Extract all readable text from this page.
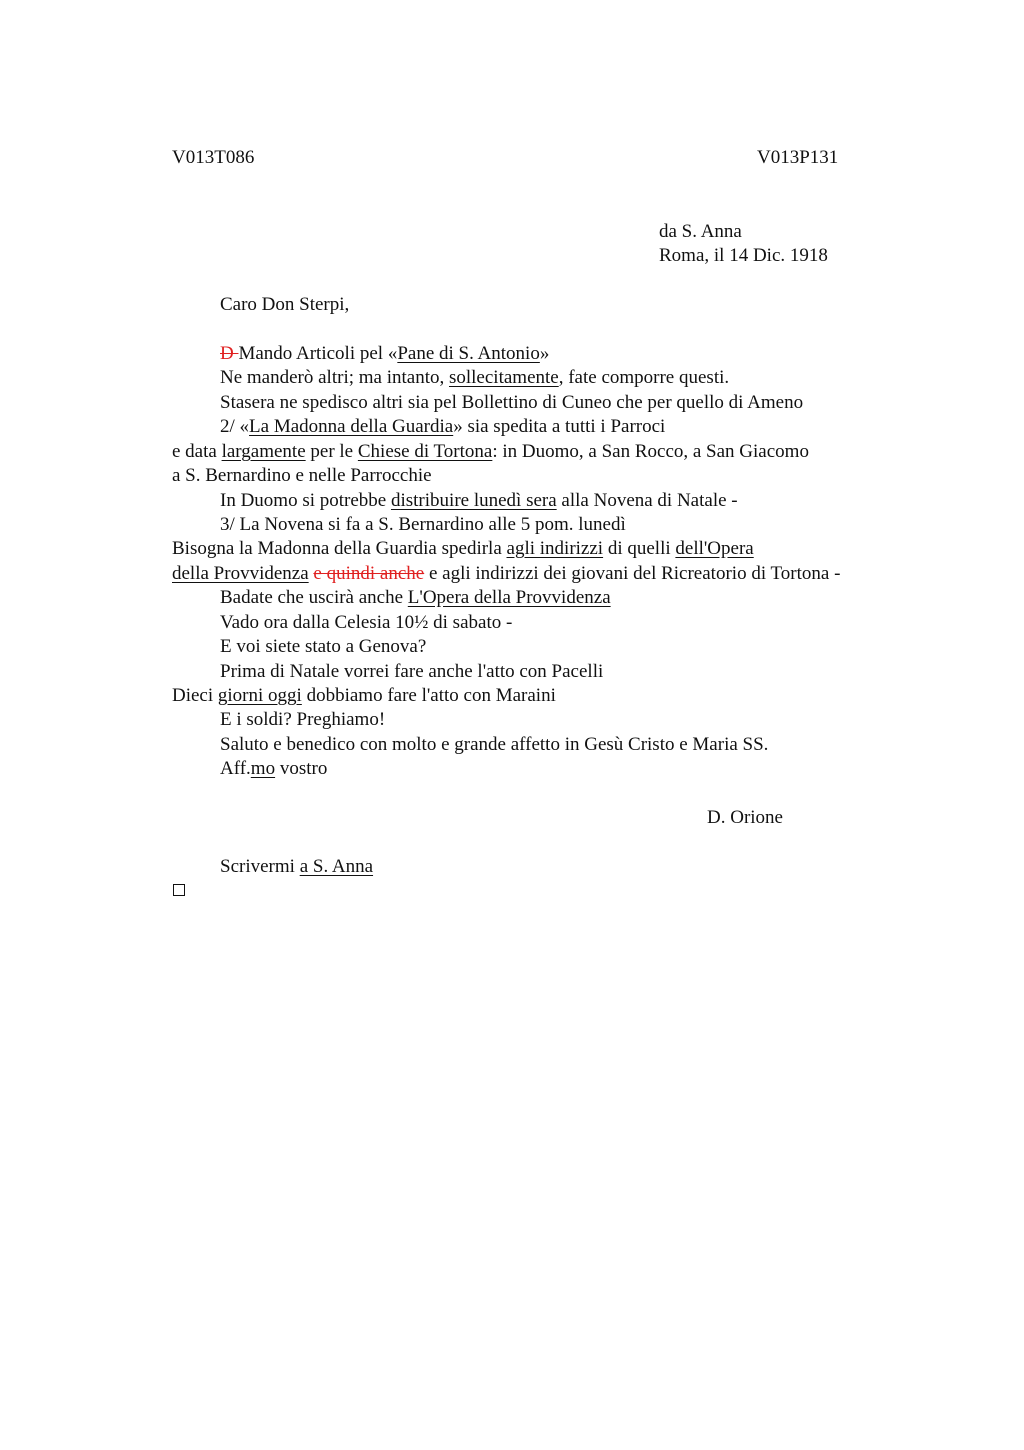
V013T086	V013P131
da S. Anna
Roma, il 14 Dic. 1918
Caro Don Sterpi,
D Mando Articoli pel «Pane di S. Antonio»
Ne manderò altri; ma intanto, sollecitamente, fate comporre questi.
Stasera ne spedisco altri sia pel Bollettino di Cuneo che per quello di Ameno
2/ «La Madonna della Guardia» sia spedita a tutti i Parroci
e data largamente per le Chiese di Tortona: in Duomo, a San Rocco, a San Giacomo
a S. Bernardino e nelle Parrocchie
In Duomo si potrebbe distribuire lunedì sera alla Novena di Natale -
3/ La Novena si fa a S. Bernardino alle 5 pom. lunedì
Bisogna la Madonna della Guardia spedirla agli indirizzi di quelli dell'Opera
della Provvidenza e quindi anche e agli indirizzi dei giovani del Ricreatorio di Tortona -
Badate che uscirà anche L'Opera della Provvidenza
Vado ora dalla Celesia 10½ di sabato -
E voi siete stato a Genova?
Prima di Natale vorrei fare anche l'atto con Pacelli
Dieci giorni oggi dobbiamo fare l'atto con Maraini
E i soldi? Preghiamo!
Saluto e benedico con molto e grande affetto in Gesù Cristo e Maria SS.
Aff.mo vostro
D. Orione
Scrivermi a S. Anna
